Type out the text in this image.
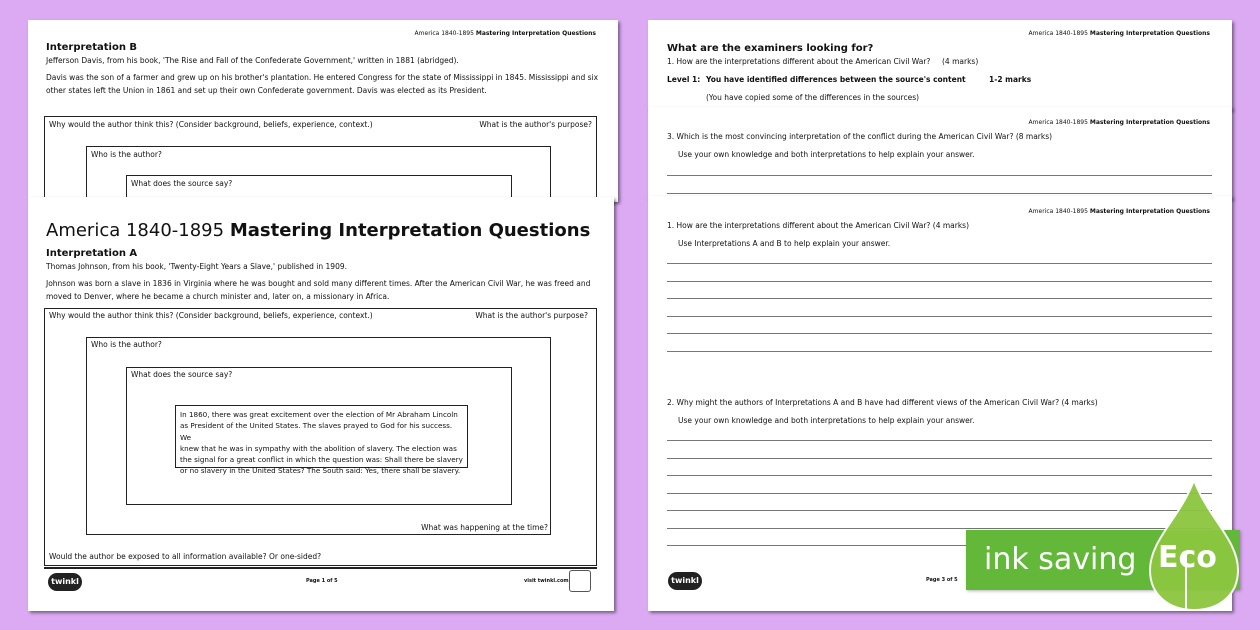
America 1840-1895 Mastering Interpretation Questions
Interpretation B
Jefferson Davis, from his book, 'The Rise and Fall of the Confederate Government,' written in 1881 (abridged).
Davis was the son of a farmer and grew up on his brother's plantation. He entered Congress for the state of Mississippi in 1845. Mississippi and six
other states left the Union in 1861 and set up their own Confederate government. Davis was elected as its President.
Why would the author think this? (Consider background, beliefs, experience, context.)	What is the author's purpose?
Who is the author?
What does the source say?
America 1840-1895 Mastering Interpretation Questions
Interpretation A
Thomas Johnson, from his book, 'Twenty-Eight Years a Slave,' published in 1909.
Johnson was born a slave in 1836 in Virginia where he was bought and sold many different times. After the American Civil War, he was freed and
moved to Denver, where he became a church minister and, later on, a missionary in Africa.
Why would the author think this? (Consider background, beliefs, experience, context.)	What is the author's purpose?
Who is the author?
What does the source say?
In 1860, there was great excitement over the election of Mr Abraham Lincoln
as President of the United States. The slaves prayed to God for his success. We
knew that he was in sympathy with the abolition of slavery. The election was
the signal for a great conflict in which the question was: Shall there be slavery
or no slavery in the United States? The South said: Yes, there shall be slavery.
What was happening at the time?
Would the author be exposed to all information available? Or one-sided?
twinkl	Page 1 of 5	visit twinkl.com
America 1840-1895 Mastering Interpretation Questions
What are the examiners looking for?
1. How are the interpretations different about the American Civil War? (4 marks)
Level 1: You have identified differences between the source's content	1-2 marks
(You have copied some of the differences in the sources)
America 1840-1895 Mastering Interpretation Questions
3. Which is the most convincing interpretation of the conflict during the American Civil War? (8 marks)
Use your own knowledge and both interpretations to help explain your answer.
America 1840-1895 Mastering Interpretation Questions
1. How are the interpretations different about the American Civil War? (4 marks)
Use Interpretations A and B to help explain your answer.
2. Why might the authors of Interpretations A and B have had different views of the American Civil War? (4 marks)
Use your own knowledge and both interpretations to help explain your answer.
twinkl	Page 3 of 5
ink saving Eco
